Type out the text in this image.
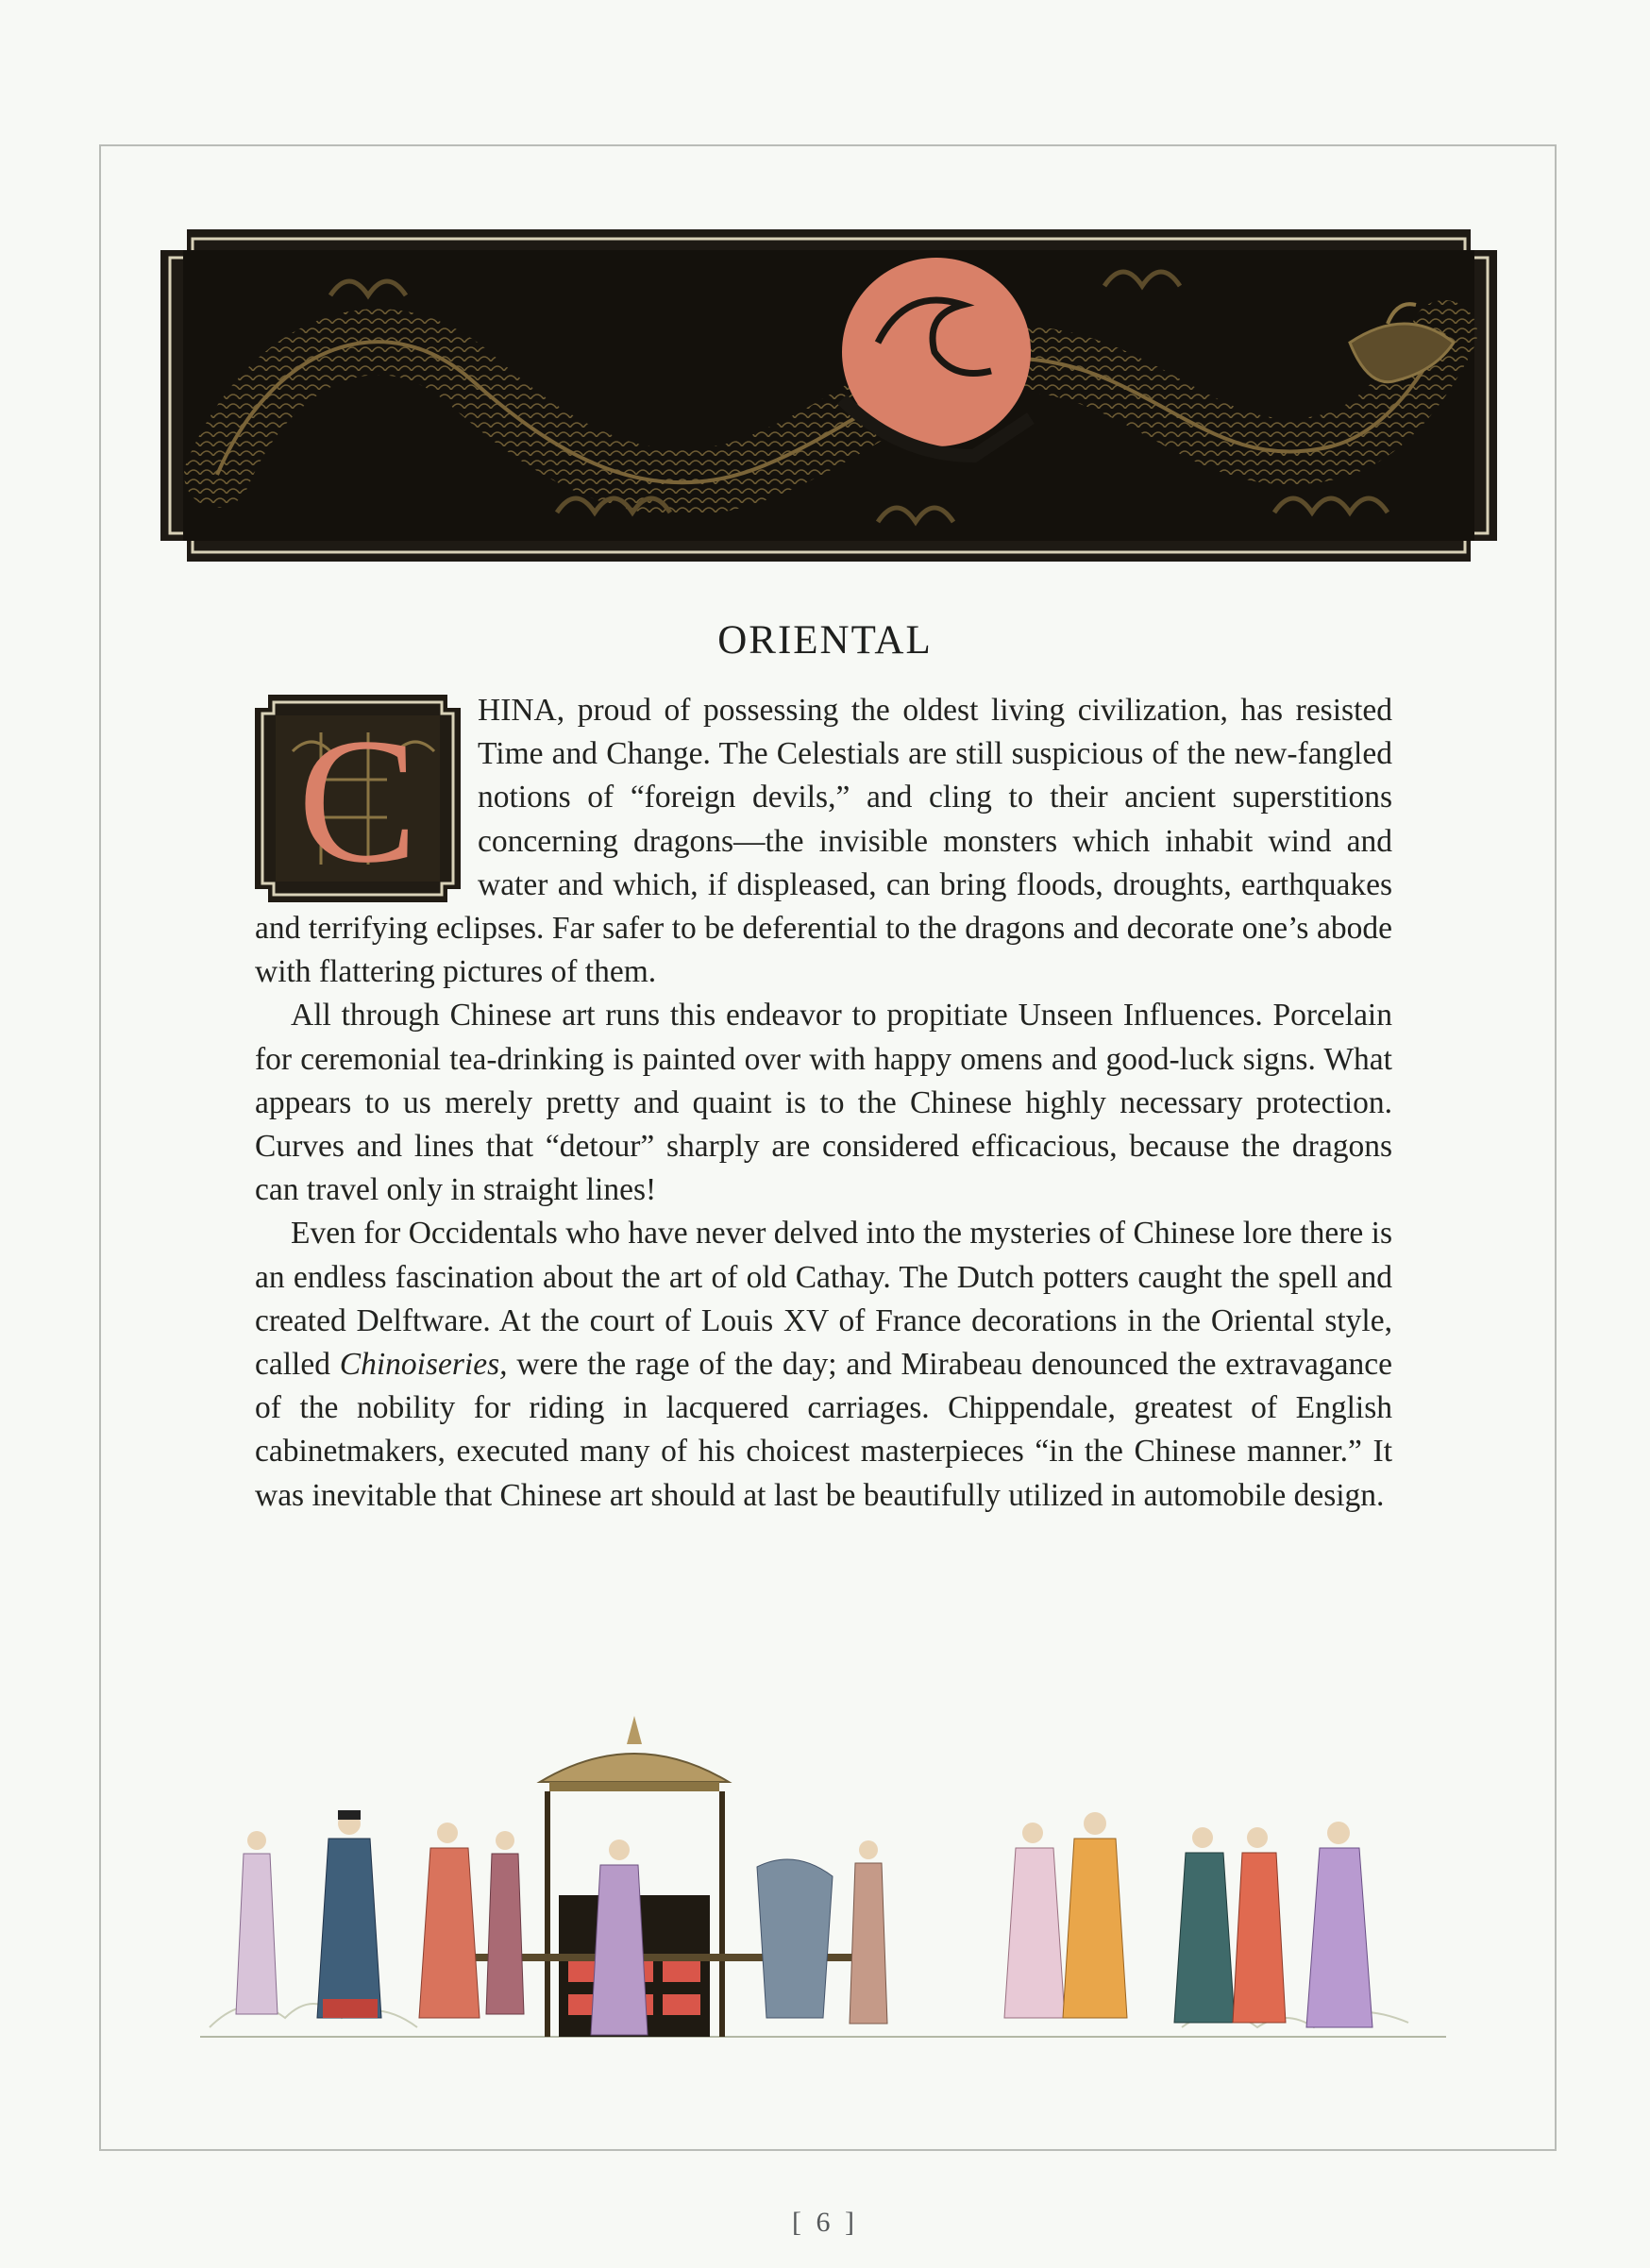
ORIENTAL
C	HINA, proud of possessing the oldest living civilization, has resisted Time and Change. The Celestials are still suspicious of the new-fangled notions of “foreign devils,” and cling to their ancient superstitions concerning dragons—the invisible monsters which inhabit wind and water and which, if displeased, can bring floods, droughts, earthquakes and terrifying eclipses. Far safer to be deferential to the dragons and decorate one’s abode with flattering pictures of them.

All through Chinese art runs this endeavor to propitiate Unseen Influences. Porcelain for ceremonial tea-drinking is painted over with happy omens and good-luck signs. What appears to us merely pretty and quaint is to the Chinese highly necessary protection. Curves and lines that “detour” sharply are considered efficacious, because the dragons can travel only in straight lines!

Even for Occidentals who have never delved into the mysteries of Chinese lore there is an endless fascination about the art of old Cathay. The Dutch potters caught the spell and created Delftware. At the court of Louis XV of France decorations in the Oriental style, called Chinoiseries, were the rage of the day; and Mirabeau denounced the extravagance of the nobility for riding in lacquered carriages. Chippendale, greatest of English cabinetmakers, executed many of his choicest masterpieces “in the Chinese manner.” It was inevitable that Chinese art should at last be beautifully utilized in automobile design.

[ 6 ]
